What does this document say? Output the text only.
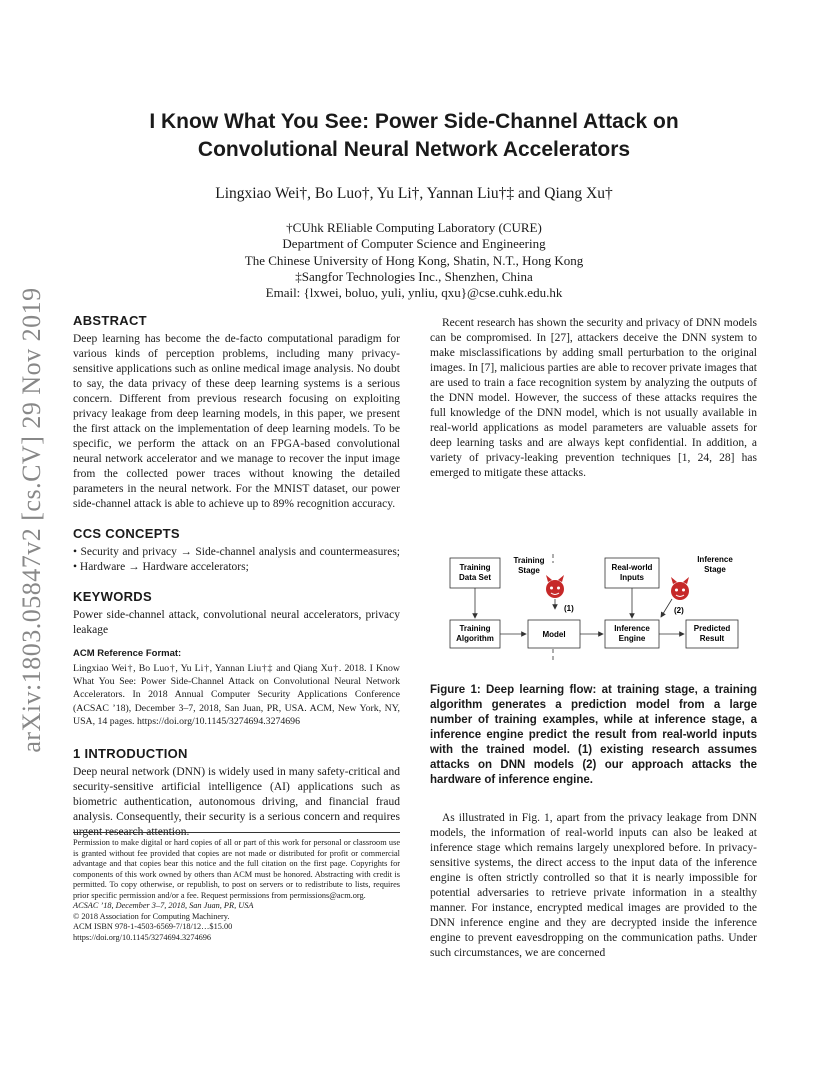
arXiv:1803.05847v2 [cs.CV] 29 Nov 2019
I Know What You See: Power Side-Channel Attack on
Convolutional Neural Network Accelerators
Lingxiao Wei†, Bo Luo†, Yu Li†, Yannan Liu†‡ and Qiang Xu†
†CUhk REliable Computing Laboratory (CURE)
Department of Computer Science and Engineering
The Chinese University of Hong Kong, Shatin, N.T., Hong Kong
‡Sangfor Technologies Inc., Shenzhen, China
Email: {lxwei, boluo, yuli, ynliu, qxu}@cse.cuhk.edu.hk
ABSTRACT

Deep learning has become the de-facto computational paradigm for various kinds of perception problems, including many privacy-sensitive applications such as online medical image analysis. No doubt to say, the data privacy of these deep learning systems is a serious concern. Different from previous research focusing on exploiting privacy leakage from deep learning models, in this paper, we present the first attack on the implementation of deep learning models. To be specific, we perform the attack on an FPGA-based convolutional neural network accelerator and we manage to recover the input image from the collected power traces without knowing the detailed parameters in the neural network. For the MNIST dataset, our power side-channel attack is able to achieve up to 89% recognition accuracy.

CCS CONCEPTS

• Security and privacy → Side-channel analysis and countermeasures; • Hardware → Hardware accelerators;

KEYWORDS

Power side-channel attack, convolutional neural accelerators, privacy leakage

ACM Reference Format:
Lingxiao Wei†, Bo Luo†, Yu Li†, Yannan Liu†‡ and Qiang Xu†. 2018. I Know What You See: Power Side-Channel Attack on Convolutional Neural Network Accelerators. In 2018 Annual Computer Security Applications Conference (ACSAC ’18), December 3–7, 2018, San Juan, PR, USA. ACM, New York, NY, USA, 14 pages. https://doi.org/10.1145/3274694.3274696
1 INTRODUCTION

Deep neural network (DNN) is widely used in many safety-critical and security-sensitive artificial intelligence (AI) applications such as biometric authentication, autonomous driving, and financial fraud analysis. Consequently, their security is a serious concern and requires urgent research attention.

Permission to make digital or hard copies of all or part of this work for personal or classroom use is granted without fee provided that copies are not made or distributed for profit or commercial advantage and that copies bear this notice and the full citation on the first page. Copyrights for components of this work owned by others than ACM must be honored. Abstracting with credit is permitted. To copy otherwise, or republish, to post on servers or to redistribute to lists, requires prior specific permission and/or a fee. Request permissions from permissions@acm.org.

ACSAC ’18, December 3–7, 2018, San Juan, PR, USA

© 2018 Association for Computing Machinery.

ACM ISBN 978-1-4503-6569-7/18/12…$15.00

https://doi.org/10.1145/3274694.3274696

Recent research has shown the security and privacy of DNN models can be compromised. In [27], attackers deceive the DNN system to make misclassifications by adding small perturbation to the original images. In [7], malicious parties are able to recover private images that are used to train a face recognition system by analyzing the outputs of the DNN model. However, the success of these attacks requires the full knowledge of the DNN model, which is not usually available in real-world applications as model parameters are valuable assets for deep learning tasks and are always kept confidential. In addition, a variety of privacy-leaking prevention techniques [1, 24, 28] has emerged to mitigate these attacks.

Training
Data Set
Training
Stage	Real-world
Inputs
Inference
Stage
Training
Algorithm	Model
Inference
Engine
Predicted
Result
(1)	(2)
Figure 1: Deep learning flow: at training stage, a training algorithm generates a prediction model from a large number of training examples, while at inference stage, a inference engine predict the result from real-world inputs with the trained model. (1) existing research assumes attacks on DNN models (2) our approach attacks the hardware of inference engine.

As illustrated in Fig. 1, apart from the privacy leakage from DNN models, the information of real-world inputs can also be leaked at inference stage which remains largely unexplored before. In privacy-sensitive systems, the direct access to the input data of the inference engine is often strictly controlled so that it is nearly impossible for potential adversaries to retrieve private information in a stealthy manner. For instance, encrypted medical images are provided to the DNN inference engine and they are decrypted inside the inference engine to prevent eavesdropping on the communication paths. Under such circumstances, we are concerned
